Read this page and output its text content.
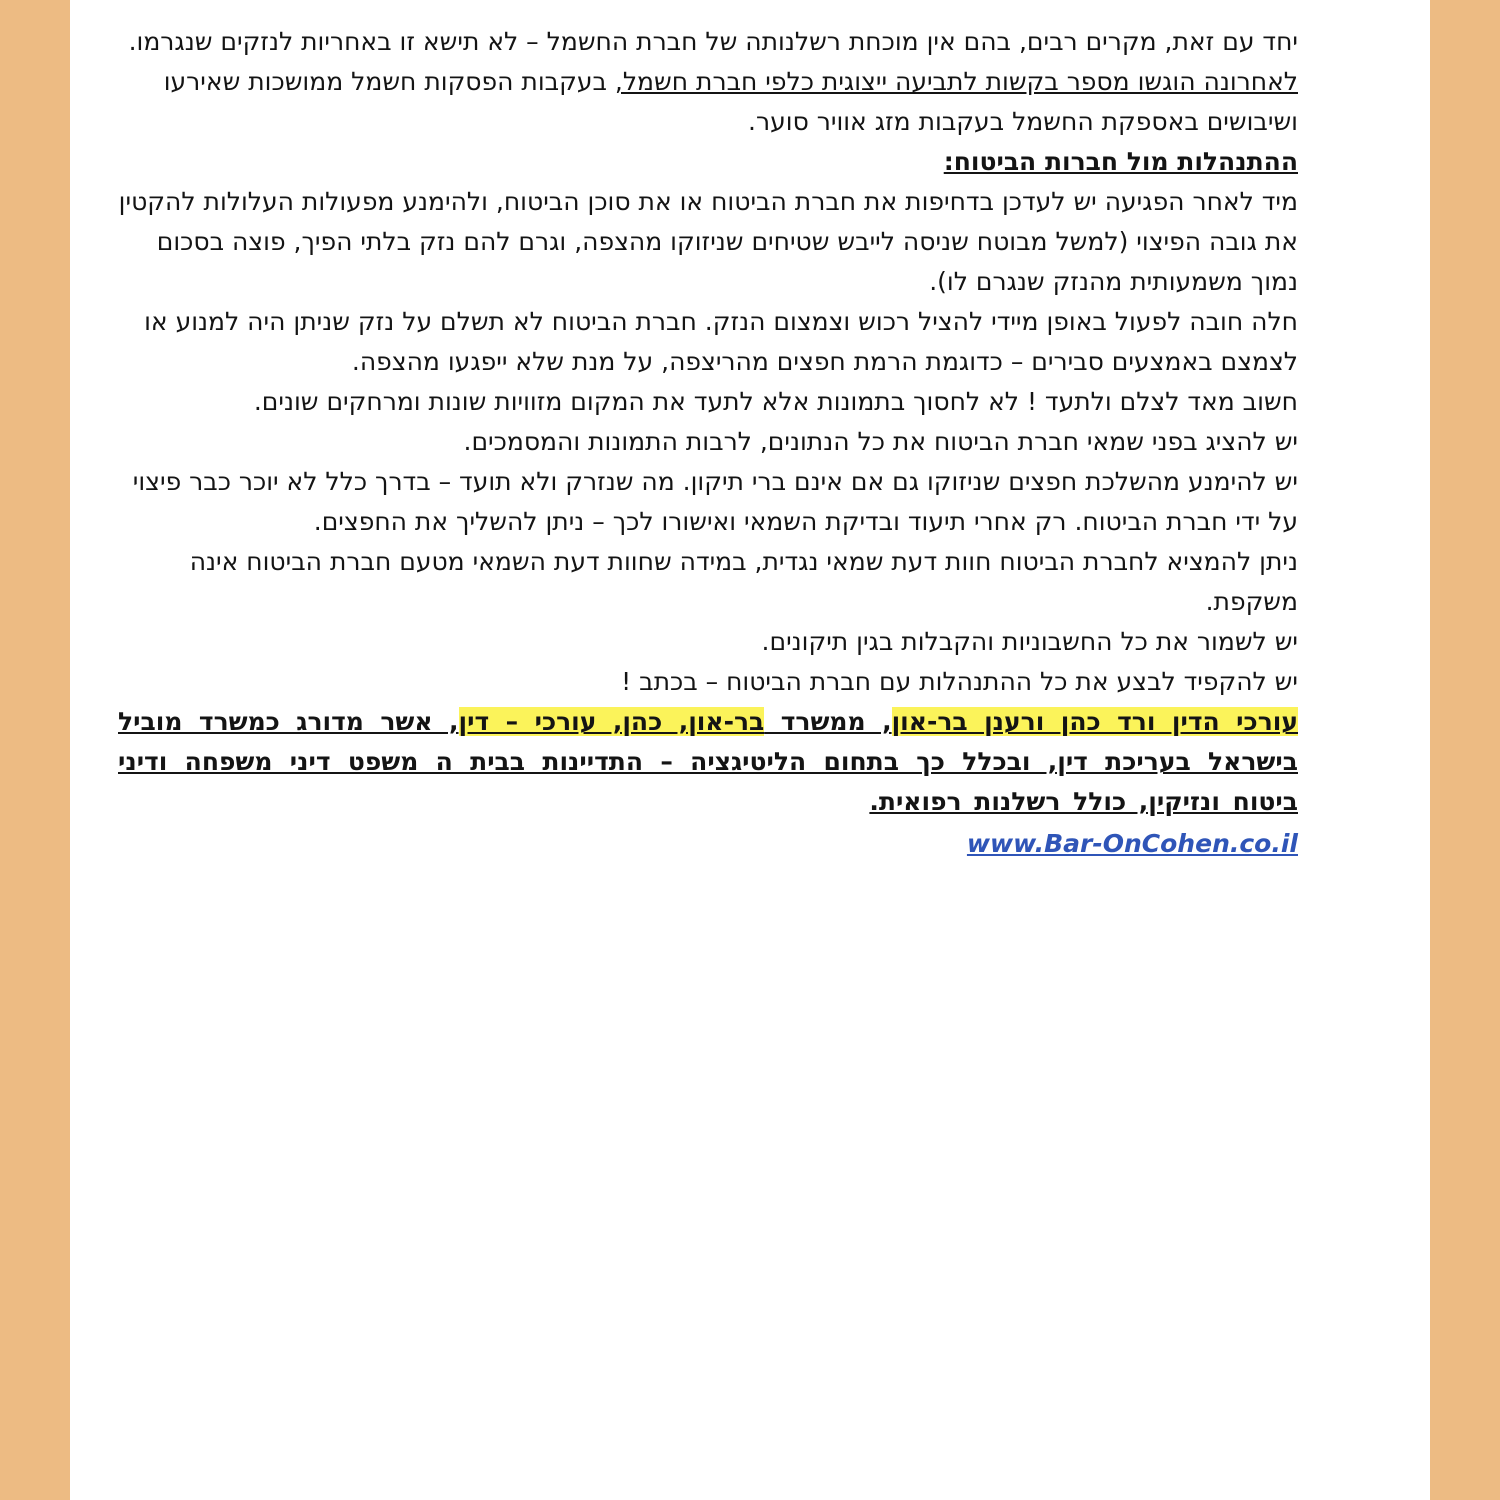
יחד עם זאת, מקרים רבים, בהם אין מוכחת רשלנותה של חברת החשמל – לא תישא זו באחריות לנזקים שנגרמו.

לאחרונה הוגשו מספר בקשות לתביעה ייצוגית כלפי חברת חשמל, בעקבות הפסקות חשמל ממושכות שאירעו ושיבושים באספקת החשמל בעקבות מזג אוויר סוער.

ההתנהלות מול חברות הביטוח:

מיד לאחר הפגיעה יש לעדכן בדחיפות את חברת הביטוח או את סוכן הביטוח, ולהימנע מפעולות העלולות להקטין את גובה הפיצוי (למשל מבוטח שניסה לייבש שטיחים שניזוקו מהצפה, וגרם להם נזק בלתי הפיך, פוצה בסכום נמוך משמעותית מהנזק שנגרם לו).

חלה חובה לפעול באופן מיידי להציל רכוש וצמצום הנזק. חברת הביטוח לא תשלם על נזק שניתן היה למנוע או לצמצם באמצעים סבירים – כדוגמת הרמת חפצים מהריצפה, על מנת שלא ייפגעו מהצפה.

חשוב מאד לצלם ולתעד ! לא לחסוך בתמונות אלא לתעד את המקום מזוויות שונות ומרחקים שונים.

יש להציג בפני שמאי חברת הביטוח את כל הנתונים, לרבות התמונות והמסמכים.

יש להימנע מהשלכת חפצים שניזוקו גם אם אינם ברי תיקון. מה שנזרק ולא תועד – בדרך כלל לא יוכר כבר פיצוי על ידי חברת הביטוח. רק אחרי תיעוד ובדיקת השמאי ואישורו לכך – ניתן להשליך את החפצים.

ניתן להמציא לחברת הביטוח חוות דעת שמאי נגדית, במידה שחוות דעת השמאי מטעם חברת הביטוח אינה משקפת.

יש לשמור את כל החשבוניות והקבלות בגין תיקונים.

יש להקפיד לבצע את כל ההתנהלות עם חברת הביטוח – בכתב !

עורכי הדין ורד כהן ורענן בר-און, ממשרד בר-און, כהן, עורכי – דין, אשר מדורג כמשרד מוביל בישראל בעריכת דין, ובכלל כך בתחום הליטיגציה – התדיינות בבית ה משפט דיני משפחה ודיני ביטוח ונזיקין, כולל רשלנות רפואית.

www.Bar-OnCohen.co.il
